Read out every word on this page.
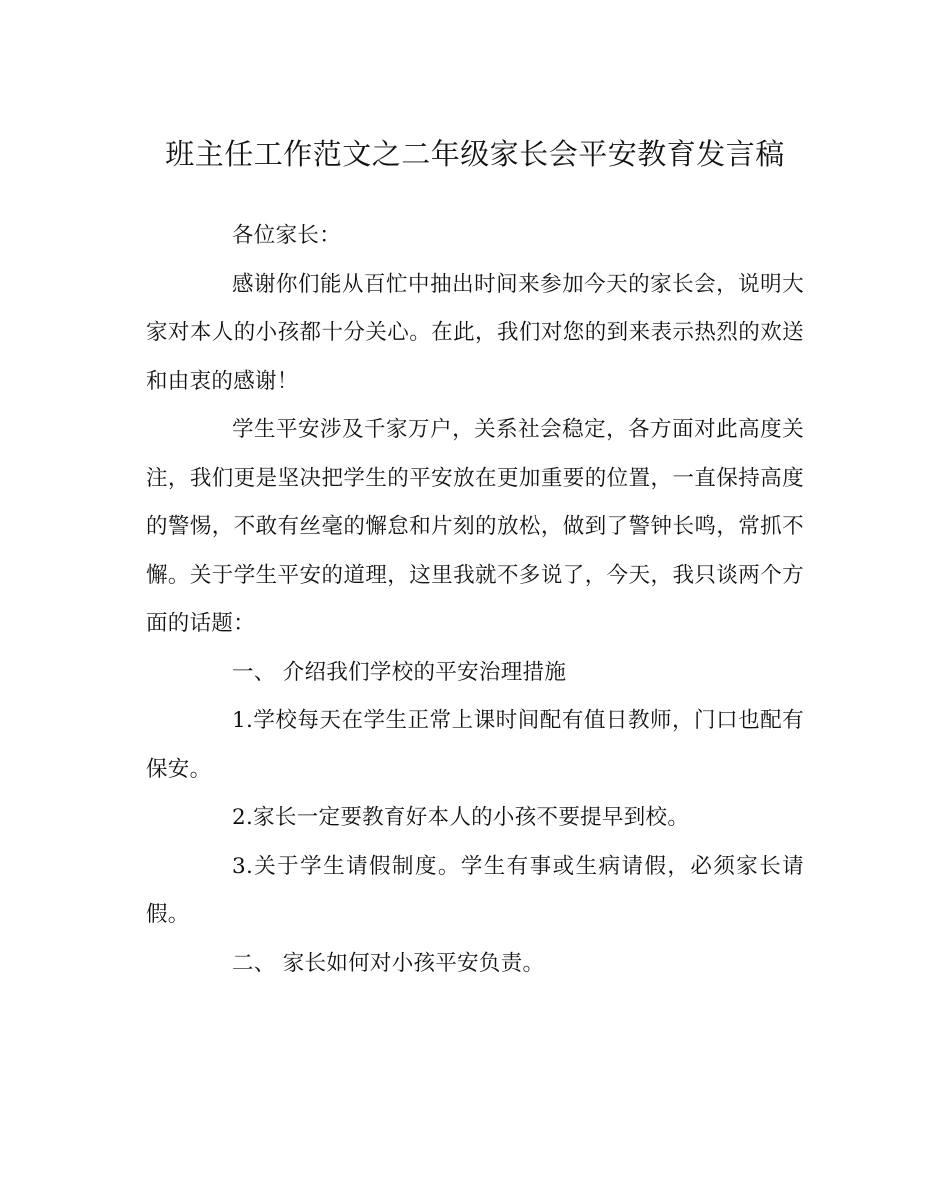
班主任工作范文之二年级家长会平安教育发言稿

各位家长：

感谢你们能从百忙中抽出时间来参加今天的家长会，说明大家对本人的小孩都十分关心。在此，我们对您的到来表示热烈的欢送和由衷的感谢！

学生平安涉及千家万户，关系社会稳定，各方面对此高度关注，我们更是坚决把学生的平安放在更加重要的位置，一直保持高度的警惕，不敢有丝毫的懈怠和片刻的放松，做到了警钟长鸣，常抓不懈。关于学生平安的道理，这里我就不多说了，今天，我只谈两个方面的话题：

一、 介绍我们学校的平安治理措施

1.学校每天在学生正常上课时间配有值日教师，门口也配有保安。

2.家长一定要教育好本人的小孩不要提早到校。

3.关于学生请假制度。学生有事或生病请假，必须家长请假。

二、 家长如何对小孩平安负责。
